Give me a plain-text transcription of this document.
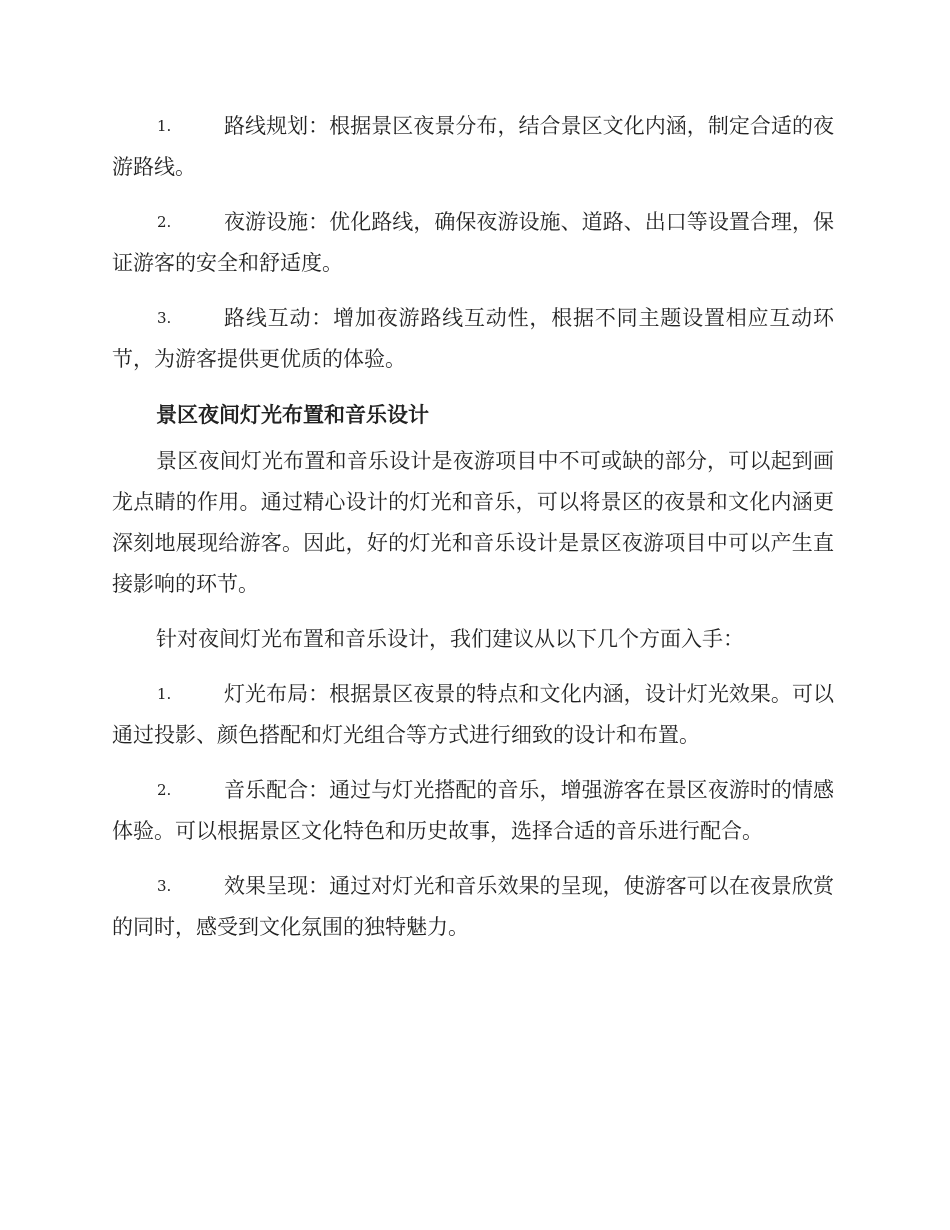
1.	路线规划：根据景区夜景分布，结合景区文化内涵，制定合适的夜游路线。
2.	夜游设施：优化路线，确保夜游设施、道路、出口等设置合理，保证游客的安全和舒适度。
3.	路线互动：增加夜游路线互动性，根据不同主题设置相应互动环节，为游客提供更优质的体验。
景区夜间灯光布置和音乐设计
景区夜间灯光布置和音乐设计是夜游项目中不可或缺的部分，可以起到画龙点睛的作用。通过精心设计的灯光和音乐，可以将景区的夜景和文化内涵更深刻地展现给游客。因此，好的灯光和音乐设计是景区夜游项目中可以产生直接影响的环节。
针对夜间灯光布置和音乐设计，我们建议从以下几个方面入手：
1.	灯光布局：根据景区夜景的特点和文化内涵，设计灯光效果。可以通过投影、颜色搭配和灯光组合等方式进行细致的设计和布置。
2.	音乐配合：通过与灯光搭配的音乐，增强游客在景区夜游时的情感体验。可以根据景区文化特色和历史故事，选择合适的音乐进行配合。
3.	效果呈现：通过对灯光和音乐效果的呈现，使游客可以在夜景欣赏的同时，感受到文化氛围的独特魅力。
